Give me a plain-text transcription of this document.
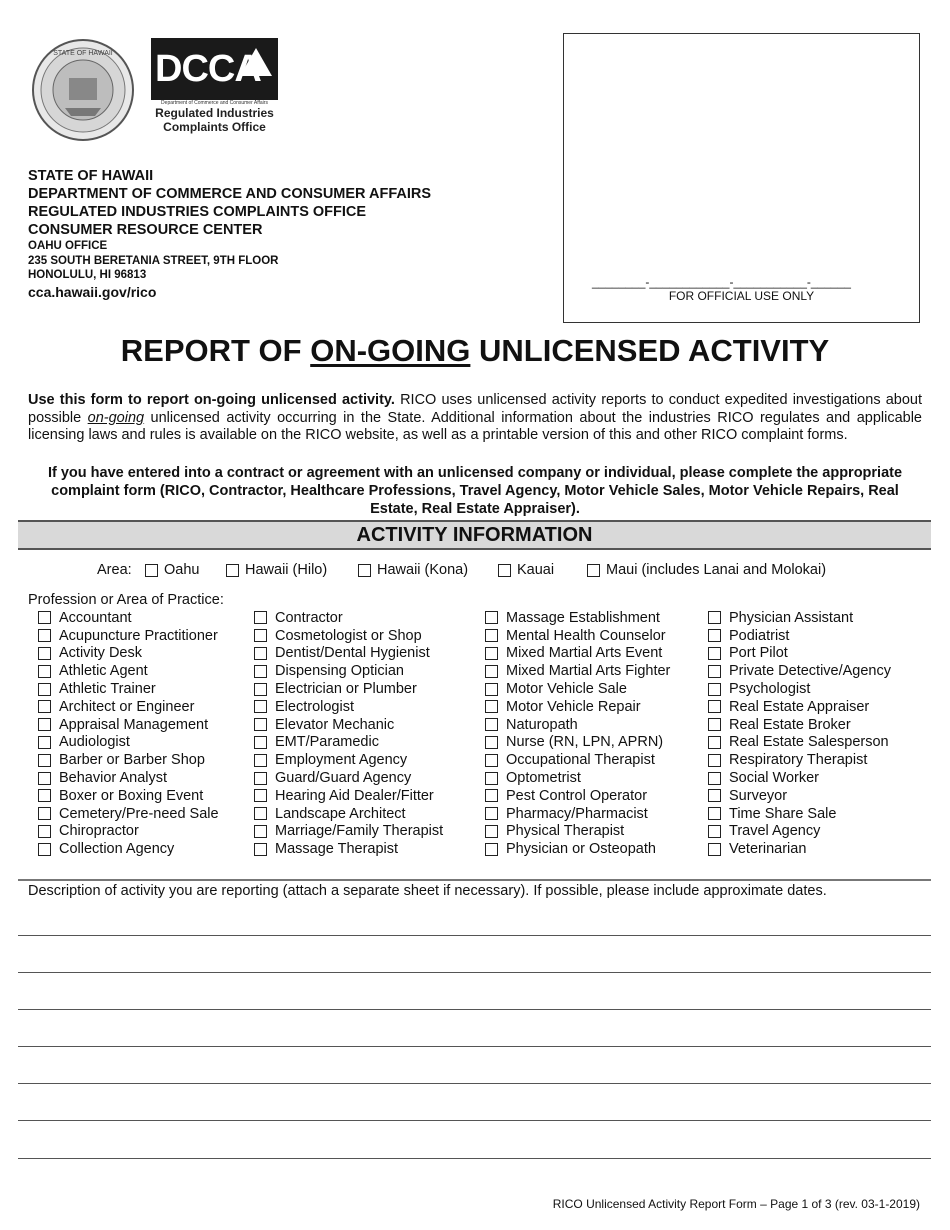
STATE OF HAWAII DCCA
Department of Commerce and Consumer Affairs
Regulated Industries
Complaints Office
STATE OF HAWAII
DEPARTMENT OF COMMERCE AND CONSUMER AFFAIRS
REGULATED INDUSTRIES COMPLAINTS OFFICE
CONSUMER RESOURCE CENTER
OAHU OFFICE
235 SOUTH BERETANIA STREET, 9TH FLOOR
HONOLULU, HI 96813
cca.hawaii.gov/rico
________-____________-___________-______
FOR OFFICIAL USE ONLY
REPORT OF ON-GOING UNLICENSED ACTIVITY
Use this form to report on-going unlicensed activity. RICO uses unlicensed activity reports to conduct expedited investigations about possible on-going unlicensed activity occurring in the State. Additional information about the industries RICO regulates and applicable licensing laws and rules is available on the RICO website, as well as a printable version of this and other RICO complaint forms.
If you have entered into a contract or agreement with an unlicensed company or individual, please complete the appropriate complaint form (RICO, Contractor, Healthcare Professions, Travel Agency, Motor Vehicle Sales, Motor Vehicle Repairs, Real Estate, Real Estate Appraiser).
ACTIVITY INFORMATION
Area: Oahu	Hawaii (Hilo)	Hawaii (Kona)	Kauai	Maui (includes Lanai and Molokai)
Profession or Area of Practice:
Accountant
Acupuncture Practitioner
Activity Desk
Athletic Agent
Athletic Trainer
Architect or Engineer
Appraisal Management
Audiologist
Barber or Barber Shop
Behavior Analyst
Boxer or Boxing Event
Cemetery/Pre-need Sale
Chiropractor
Collection Agency
Contractor
Cosmetologist or Shop
Dentist/Dental Hygienist
Dispensing Optician
Electrician or Plumber
Electrologist
Elevator Mechanic
EMT/Paramedic
Employment Agency
Guard/Guard Agency
Hearing Aid Dealer/Fitter
Landscape Architect
Marriage/Family Therapist
Massage Therapist
Massage Establishment
Mental Health Counselor
Mixed Martial Arts Event
Mixed Martial Arts Fighter
Motor Vehicle Sale
Motor Vehicle Repair
Naturopath
Nurse (RN, LPN, APRN)
Occupational Therapist
Optometrist
Pest Control Operator
Pharmacy/Pharmacist
Physical Therapist
Physician or Osteopath
Physician Assistant
Podiatrist
Port Pilot
Private Detective/Agency
Psychologist
Real Estate Appraiser
Real Estate Broker
Real Estate Salesperson
Respiratory Therapist
Social Worker
Surveyor
Time Share Sale
Travel Agency
Veterinarian
Description of activity you are reporting (attach a separate sheet if necessary). If possible, please include approximate dates.
RICO Unlicensed Activity Report Form – Page 1 of 3 (rev. 03-1-2019)
